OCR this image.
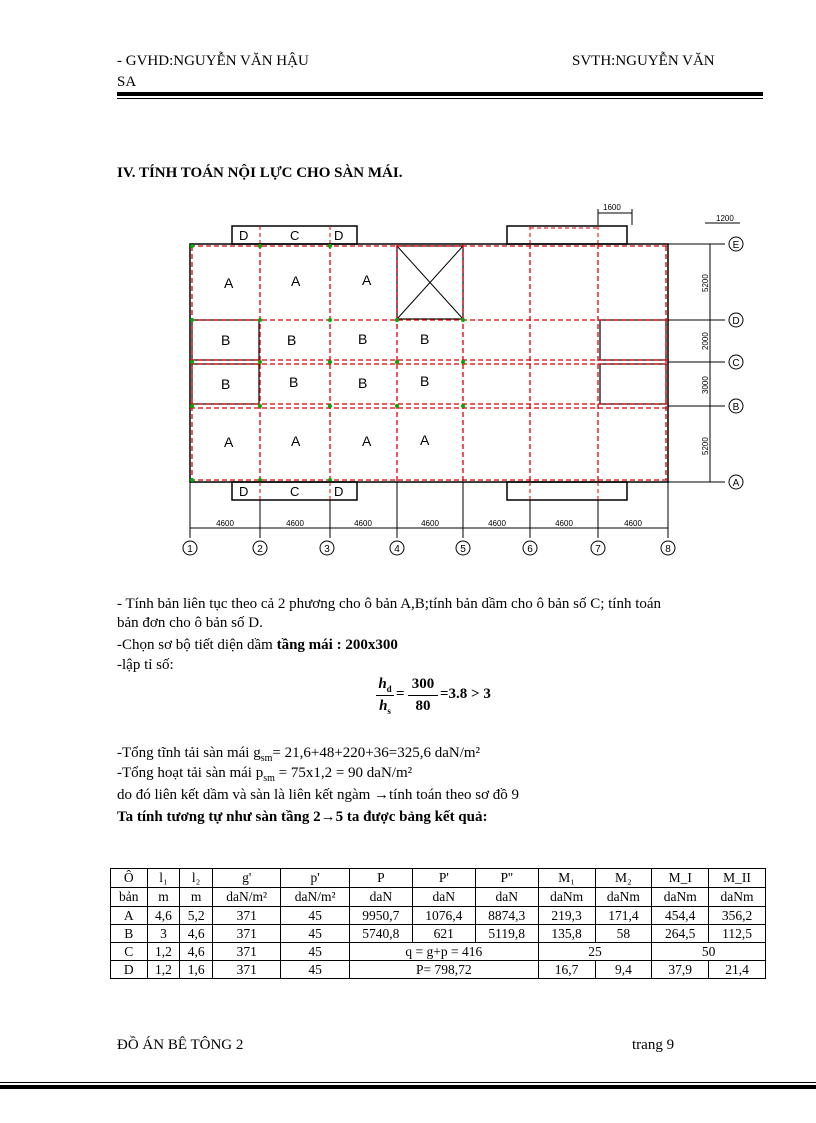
- GVHD:NGUYỄN VĂN HẬU
SA
SVTH:NGUYỄN VĂN
IV. TÍNH TOÁN NỘI LỰC CHO SÀN MÁI.
1600
1200
D	C	D
A	A	A
B	B	B	B
B	B	B	B
A	A	A	A
D	C	D
5200
2000
3000
5200
E
D
C
B
A
4600	4600	4600	4600	4600	4600	4600
1	2	3	4	5	6	7	8
- Tính bản liên tục theo cả 2 phương cho ô bản A,B;tính bản dầm cho ô bản số C; tính toán
bản đơn cho ô bản số D.
-Chọn sơ bộ tiết diện dầm tầng mái : 200x300
-lập tỉ số:
$h_d$
$h_s$
=
300
80
=3.8 > 3
-Tổng tĩnh tải sàn mái $g_{sm}= 21,6+48+220+36=325,6$ daN/m²
-Tổng hoạt tải sàn mái $p_{sm} = 75x1,2 = 90$ daN/m²
do đó liên kết dầm và sàn là liên kết ngàm →tính toán theo sơ đồ 9
Ta tính tương tự như sàn tầng 2→5 ta được bảng kết quả:
Ô	l₁	l₂	g'	p'	P	P'	P''	M₁	M₂	M_I	M_II
bản	m	m	daN/m²	daN/m²	daN	daN	daN	daNm	daNm	daNm	daNm
A	4,6	5,2	371	45	9950,7	1076,4	8874,3	219,3	171,4	454,4	356,2
B	3	4,6	371	45	5740,8	621	5119,8	135,8	58	264,5	112,5
C	1,2	4,6	371	45	q = g+p = 416			25		50	
D	1,2	1,6	371	45	P= 798,72			16,7	9,4	37,9	21,4
ĐỒ ÁN BÊ TÔNG 2	trang 9
